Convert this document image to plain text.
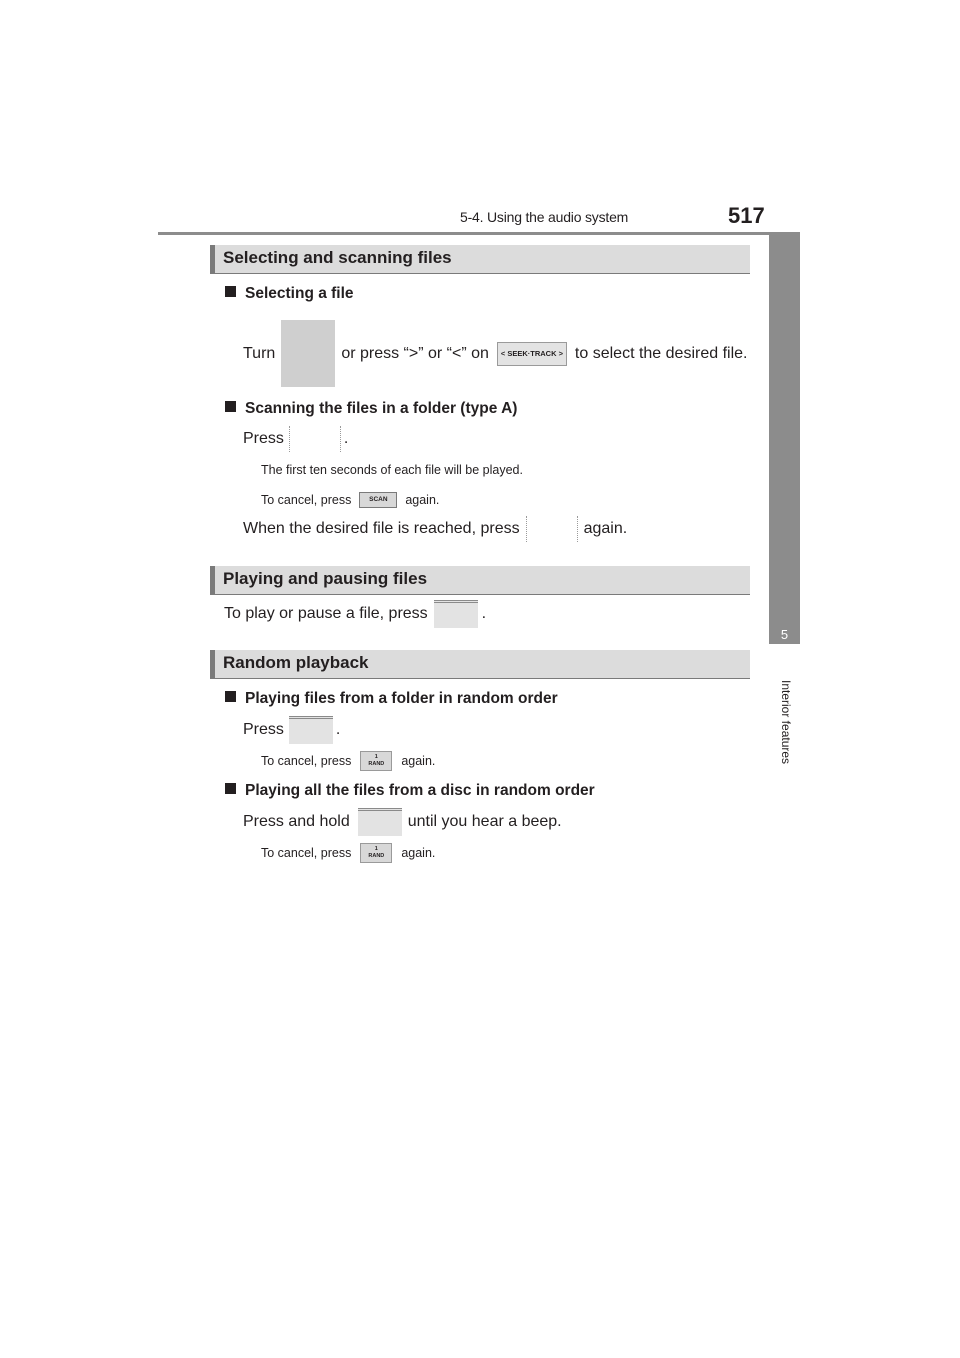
5-4. Using the audio system	517
5
Interior features
Selecting and scanning files
Selecting a file
Turn	or press “>” or “<” on	< SEEK·TRACK > to select the desired file.
Scanning the files in a folder (type A)
Press	.
The first ten seconds of each file will be played.
To cancel, press	SCAN	again.
When the desired file is reached, press	again.
Playing and pausing files
To play or pause a file, press	.
Random playback
Playing files from a folder in random order
Press	.
To cancel, press	1
RAND	again.
Playing all the files from a disc in random order
Press and hold	until you hear a beep.
To cancel, press	1
RAND	again.
